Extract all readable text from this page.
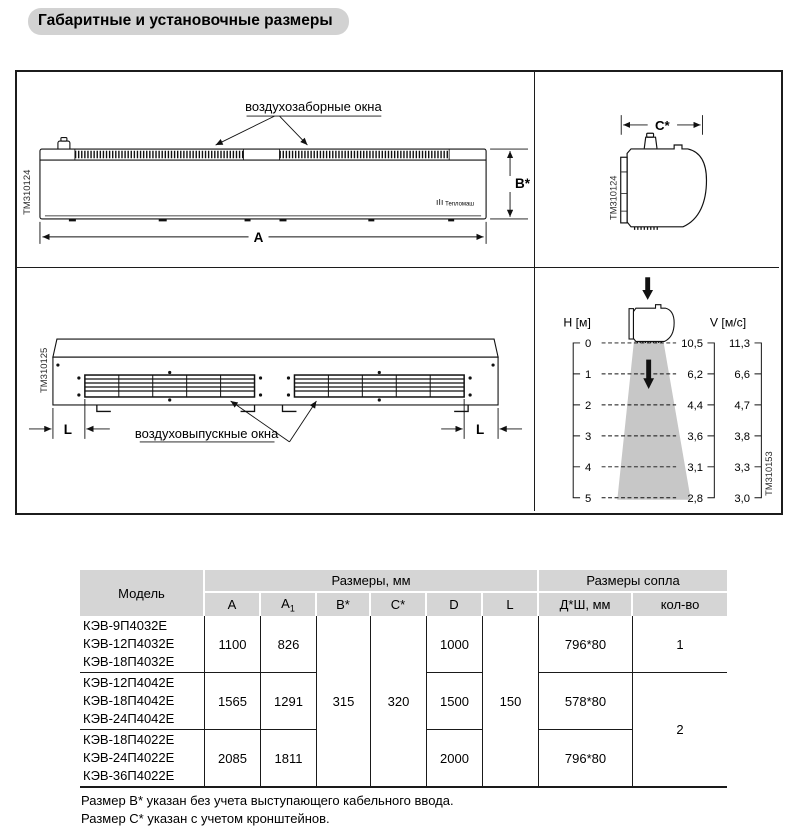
Габаритные и установочные размеры
Тепломаш
воздухозаборные окна
B*
A
ТМ310124
C*
ТМ310124
L	L
воздуховыпускные окна
ТМ310125
H [м]	V [м/с]
0
1
2
3
4
5
10,5
6,2
4,4
3,6
3,1
2,8
11,3
6,6
4,7
3,8
3,3
3,0
ТМ310153
Модель	Размеры, мм						Размеры сопла	
	A	$A_1$	B*	C*	D	L	Д*Ш, мм	кол-во

КЭВ-9П4032Е
КЭВ-12П4032Е
КЭВ-18П4032Е	1100	826	315	320	1000	150	796*80	1

КЭВ-12П4042Е
КЭВ-18П4042Е
КЭВ-24П4042Е	1565	1291			1500		578*80	2

КЭВ-18П4022Е
КЭВ-24П4022Е
КЭВ-36П4022Е	2085	1811			2000		796*80	
Размер В* указан без учета выступающего кабельного ввода.
Размер С* указан с учетом кронштейнов.
